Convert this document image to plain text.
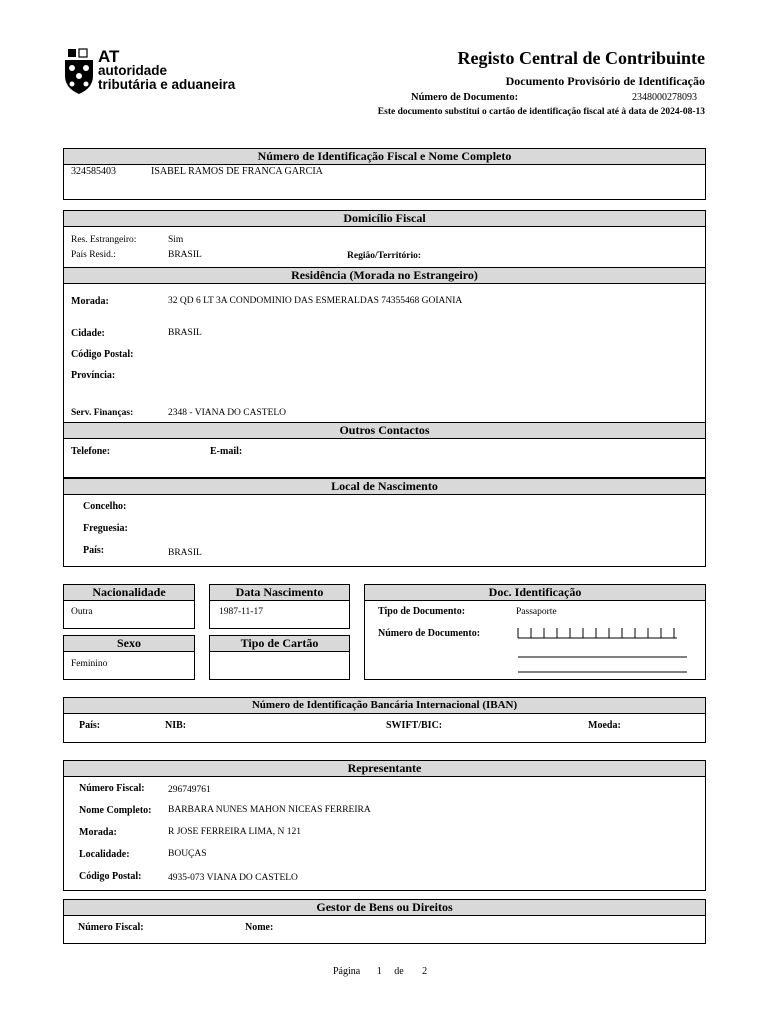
AT
autoridade
tributária e aduaneira
Registo Central de Contribuinte
Documento Provisório de Identificação
Número de Documento:	2348000278093
Este documento substitui o cartão de identificação fiscal até à data de 2024-08-13
Número de Identificação Fiscal e Nome Completo
324585403	ISABEL RAMOS DE FRANCA GARCIA
Domicílio Fiscal
Res. Estrangeiro:	Sim
País Resid.:	BRASIL	Região/Território:
Residência (Morada no Estrangeiro)
Morada:	32 QD 6 LT 3A CONDOMINIO DAS ESMERALDAS 74355468 GOIANIA
Cidade:	BRASIL
Código Postal:
Província:
Serv. Finanças:	2348 - VIANA DO CASTELO
Outros Contactos
Telefone:	E-mail:
Local de Nascimento
Concelho:
Freguesia:
País:	BRASIL
Nacionalidade
Outra
Data Nascimento
1987-11-17
Sexo
Feminino
Tipo de Cartão
Doc. Identificação
Tipo de Documento:	Passaporte
Número de Documento:
Número de Identificação Bancária Internacional (IBAN)
País:	NIB:	SWIFT/BIC:	Moeda:
Representante
Número Fiscal: 296749761
Nome Completo: BARBARA NUNES MAHON NICEAS FERREIRA
Morada:	R JOSE FERREIRA LIMA, N 121
Localidade:	BOUÇAS
Código Postal:	4935-073 VIANA DO CASTELO
Gestor de Bens ou Direitos
Número Fiscal:	Nome:
Página 1 de 2
